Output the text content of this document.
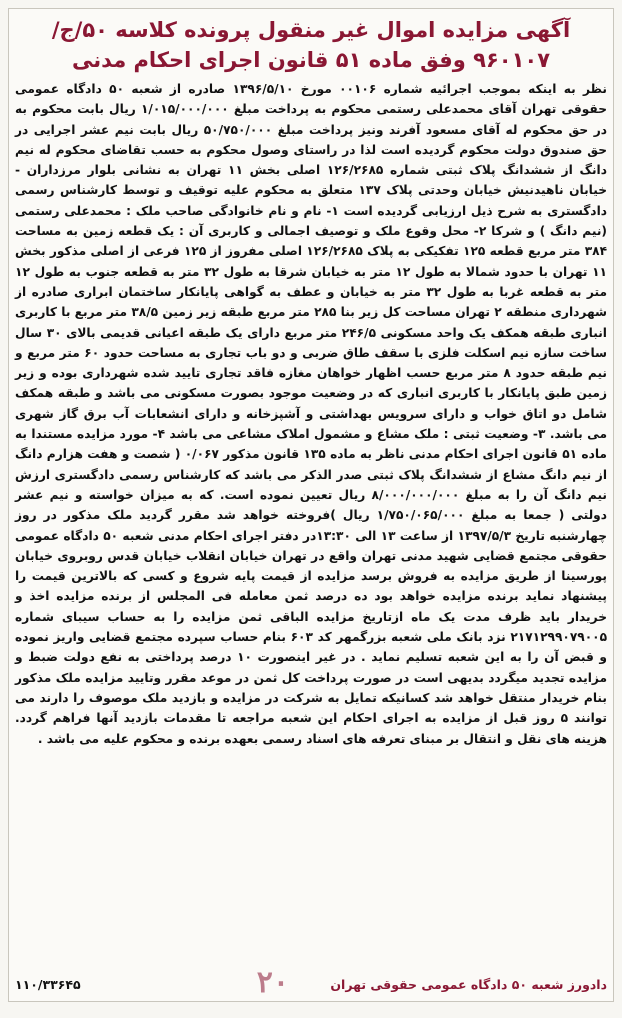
آگهی مزایده اموال غیر منقول پرونده کلاسه ۵۰/ج/۹۶۰۱۰۷ وفق ماده ۵۱ قانون اجرای احکام مدنی
نظر به اینکه بموجب اجرائیه شماره ۰۰۱۰۶ مورخ ۱۳۹۶/۵/۱۰ صادره از شعبه ۵۰ دادگاه عمومی حقوقی تهران آقای محمدعلی رستمی محکوم به پرداخت مبلغ ۱/۰۱۵/۰۰۰/۰۰۰ ریال بابت محکوم به در حق محکوم له آقای مسعود آفرند ونیز پرداخت مبلغ ۵۰/۷۵۰/۰۰۰ ریال بابت نیم عشر اجرایی در حق صندوق دولت محکوم گردیده است لذا در راستای وصول محکوم به حسب تقاضای محکوم له نیم دانگ از ششدانگ پلاک ثبتی شماره ۱۲۶/۲۶۸۵ اصلی بخش ۱۱ تهران به نشانی بلوار مرزداران - خیابان ناهیدنیش خیابان وحدتی پلاک ۱۳۷ متعلق به محکوم علیه توقیف و توسط کارشناس رسمی دادگستری به شرح ذیل ارزیابی گردیده است ۱- نام و نام خانوادگی صاحب ملک : محمدعلی رستمی (نیم دانگ ) و شرکا ۲- محل وقوع ملک و توصیف اجمالی و کاربری آن : یک قطعه زمین به مساحت ۳۸۴ متر مربع قطعه ۱۲۵ تفکیکی به پلاک ۱۲۶/۲۶۸۵ اصلی مفروز از ۱۲۵ فرعی از اصلی مذکور بخش ۱۱ تهران با حدود شمالا به طول ۱۲ متر به خیابان شرقا به طول ۳۲ متر به قطعه جنوب به طول ۱۲ متر به قطعه غربا به طول ۳۲ متر به خیابان و عطف به گواهی پایانکار ساختمان ابراری صادره از شهرداری منطقه ۲ تهران مساحت کل زیر بنا ۲۸۵ متر مربع طبقه زیر زمین ۳۸/۵ متر مربع با کاربری انباری طبقه همکف یک واحد مسکونی ۲۴۶/۵ متر مربع دارای یک طبقه اعیانی قدیمی بالای ۳۰ سال ساخت سازه نیم اسکلت فلزی با سقف طاق ضربی و دو باب تجاری به مساحت حدود ۶۰ متر مربع و نیم طبقه حدود ۸ متر مربع حسب اظهار خواهان مغازه فاقد تجاری تایید شده شهرداری بوده و زیر زمین طبق پایانکار با کاربری انباری که در وضعیت موجود بصورت مسکونی می باشد و طبقه همکف شامل دو اتاق خواب و دارای سرویس بهداشتی و آشپزخانه و دارای انشعابات آب برق گاز شهری می باشد. ۳- وضعیت ثبتی : ملک مشاع و مشمول املاک مشاعی می باشد ۴- مورد مزایده مستندا به ماده ۵۱ قانون اجرای احکام مدنی ناظر به ماده ۱۳۵ قانون مذکور ۰/۰۶۷ ( شصت و هفت هزارم دانگ از نیم دانگ مشاع از ششدانگ پلاک ثبتی صدر الذکر می باشد که کارشناس رسمی دادگستری ارزش نیم دانگ آن را به مبلغ ۸/۰۰۰/۰۰۰/۰۰۰ ریال تعیین نموده است. که به میزان خواسته و نیم عشر دولتی ( جمعا به مبلغ ۱/۷۵۰/۰۶۵/۰۰۰ ریال )فروخته خواهد شد مقرر گردید ملک مذکور در روز چهارشنبه تاریخ ۱۳۹۷/۵/۳ از ساعت ۱۳ الی ۱۳:۳۰در دفتر اجرای احکام مدنی شعبه ۵۰ دادگاه عمومی حقوقی مجتمع قضایی شهید مدنی تهران واقع در تهران خیابان انقلاب خیابان قدس روبروی خیابان پورسینا از طریق مزایده به فروش برسد مزایده از قیمت پایه شروع و کسی که بالاترین قیمت را پیشنهاد نماید برنده مزایده خواهد بود ده درصد ثمن معامله فی المجلس از برنده مزایده اخذ و خریدار باید ظرف مدت یک ماه ازتاریخ مزایده الباقی ثمن مزایده را به حساب سیبای شماره ۲۱۷۱۲۹۹۰۷۹۰۰۵ نزد بانک ملی شعبه بزرگمهر کد ۶۰۳ بنام حساب سپرده مجتمع قضایی واریز نموده و قبض آن را به این شعبه تسلیم نماید . در غیر اینصورت ۱۰ درصد پرداختی به نفع دولت ضبط و مزایده تجدید میگردد بدیهی است در صورت پرداخت کل ثمن در موعد مقرر وتایید مزایده ملک مذکور بنام خریدار منتقل خواهد شد کسانیکه تمایل به شرکت در مزایده و بازدید ملک موصوف را دارند می توانند ۵ روز قبل از مزایده به اجرای احکام این شعبه مراجعه تا مقدمات بازدید آنها فراهم گردد. هزینه های نقل و انتقال بر مبنای تعرفه های اسناد رسمی بعهده برنده و محکوم علیه می باشد .
۲۰	دادورز شعبه ۵۰ دادگاه عمومی حقوقی تهران
۱۱۰/۳۳۶۴۵
